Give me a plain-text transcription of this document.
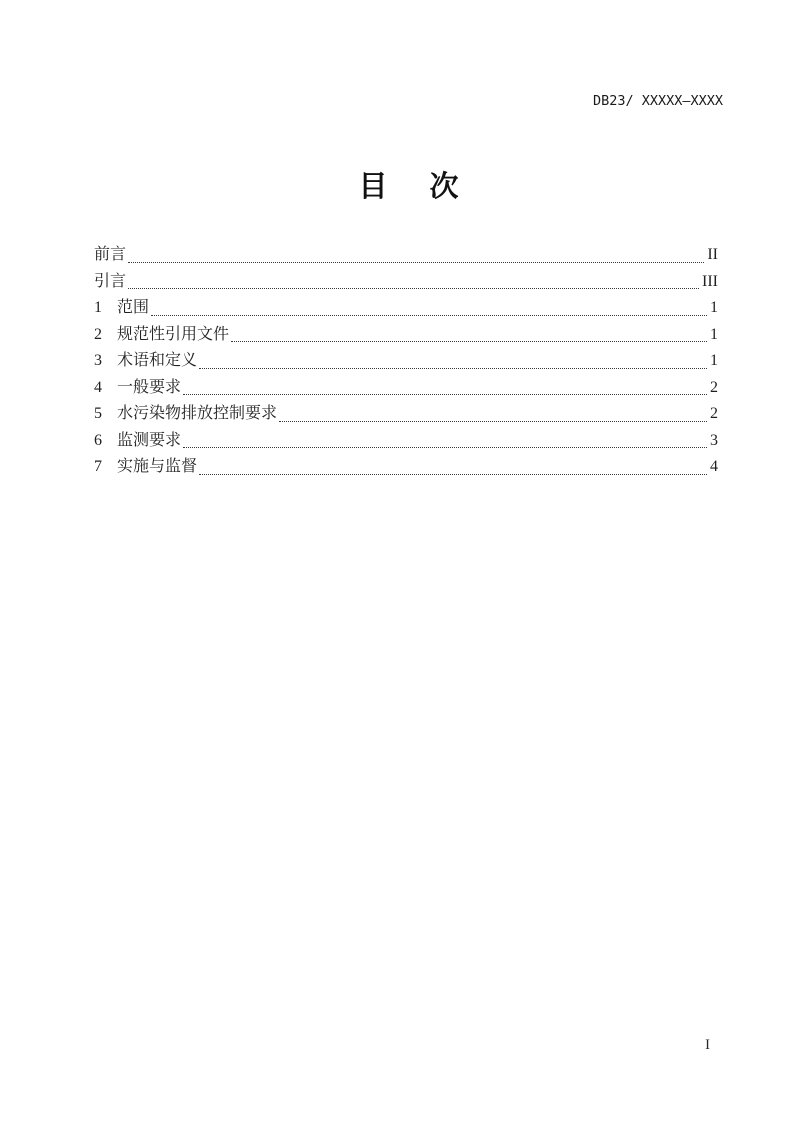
DB23/ XXXXX—XXXX
目 次
前言	II
引言	III
1 范围	1
2 规范性引用文件	1
3 术语和定义	1
4 一般要求	2
5 水污染物排放控制要求	2
6 监测要求	3
7 实施与监督	4
I
